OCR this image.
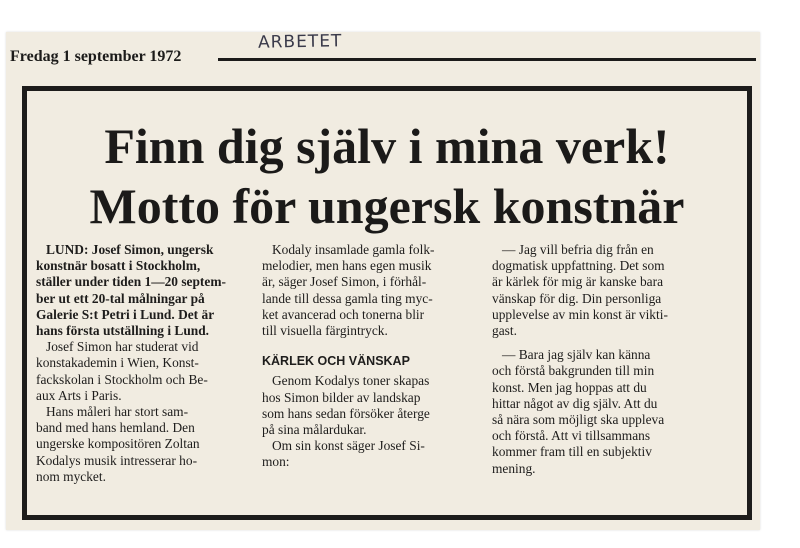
Fredag 1 september 1972
ARBETET
Finn dig själv i mina verk!
Motto för ungersk konstnär

LUND: Josef Simon, ungersk
konstnär bosatt i Stockholm,
ställer under tiden 1—20 septem-
ber ut ett 20-tal målningar på
Galerie S:t Petri i Lund. Det är
hans första utställning i Lund.

Josef Simon har studerat vid
konstakademin i Wien, Konst-
fackskolan i Stockholm och Be-
aux Arts i Paris.

Hans måleri har stort sam-
band med hans hemland. Den
ungerske kompositören Zoltan
Kodalys musik intresserar ho-
nom mycket.

Kodaly insamlade gamla folk-
melodier, men hans egen musik
är, säger Josef Simon, i förhål-
lande till dessa gamla ting myc-
ket avancerad och tonerna blir
till visuella färgintryck.

KÄRLEK OCH VÄNSKAP

Genom Kodalys toner skapas
hos Simon bilder av landskap
som hans sedan försöker återge
på sina målardukar.

Om sin konst säger Josef Si-
mon:

— Jag vill befria dig från en
dogmatisk uppfattning. Det som
är kärlek för mig är kanske bara
vänskap för dig. Din personliga
upplevelse av min konst är vikti-
gast.

— Bara jag själv kan känna
och förstå bakgrunden till min
konst. Men jag hoppas att du
hittar något av dig själv. Att du
så nära som möjligt ska uppleva
och förstå. Att vi tillsammans
kommer fram till en subjektiv
mening.
